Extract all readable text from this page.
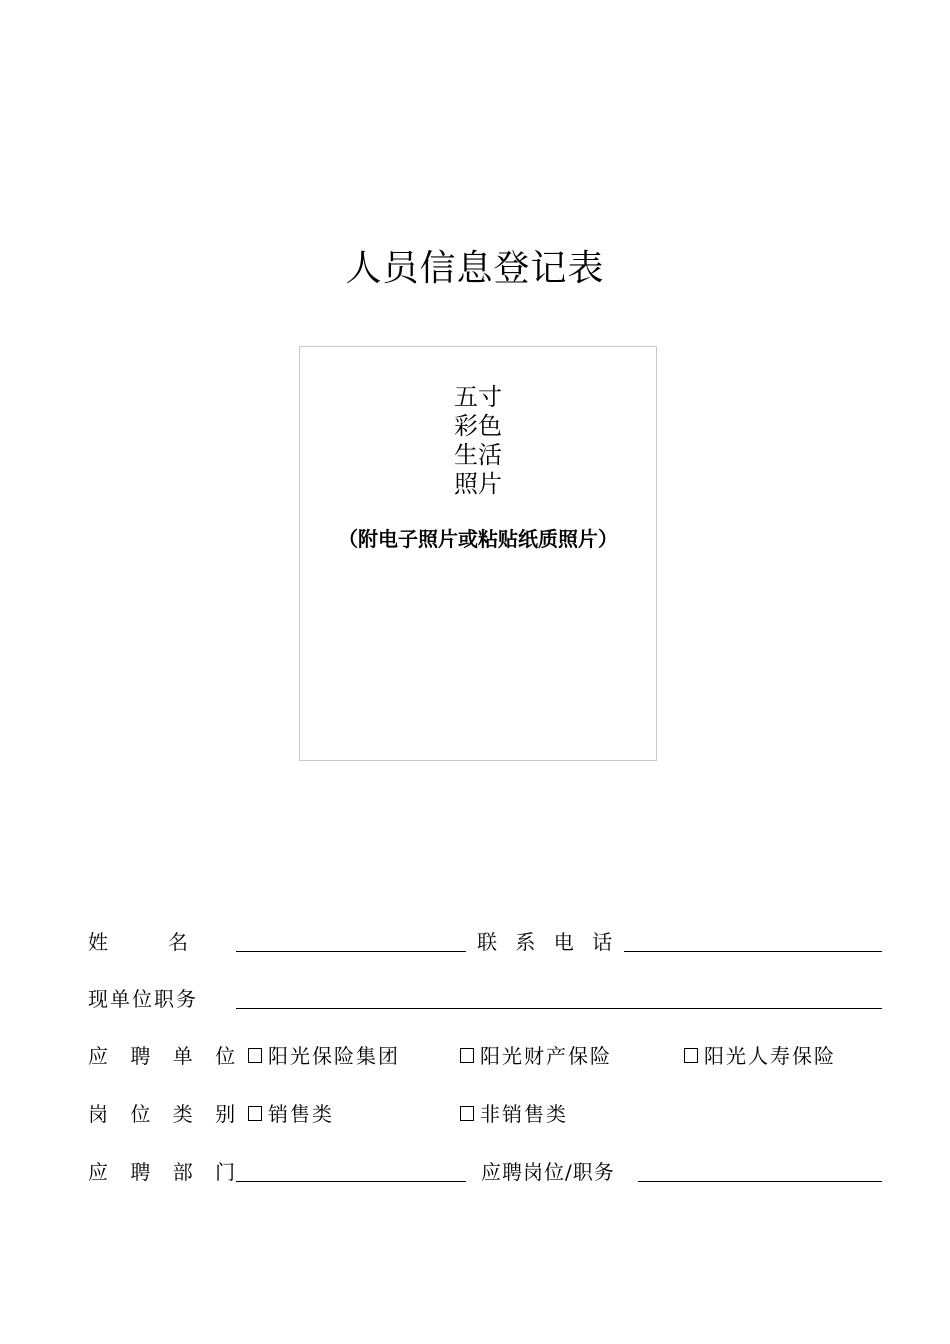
人员信息登记表
五寸
彩色
生活
照片
（附电子照片或粘贴纸质照片）
姓　　　名	联 系 电 话
现单位职务
应 聘 单 位	阳光保险集团	阳光财产保险	阳光人寿保险
岗 位 类 别	销售类	非销售类
应 聘 部 门	应聘岗位/职务
